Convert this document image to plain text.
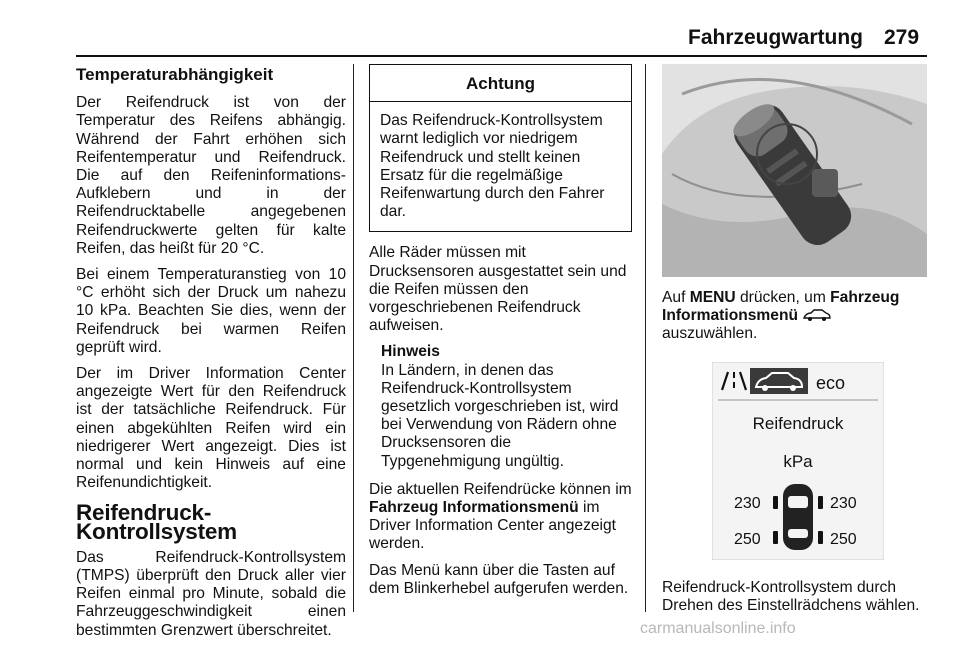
Fahrzeugwartung 279
Temperaturabhängigkeit

Der Reifendruck ist von der Temperatur des Reifens abhängig. Während der Fahrt erhöhen sich Reifentemperatur und Reifendruck. Die auf den Reifeninformations-Aufklebern und in der Reifendrucktabelle angegebenen Reifendruckwerte gelten für kalte Reifen, das heißt für 20 °C.

Bei einem Temperaturanstieg von 10 °C erhöht sich der Druck um nahezu 10 kPa. Beachten Sie dies, wenn der Reifendruck bei warmen Reifen geprüft wird.

Der im Driver Information Center angezeigte Wert für den Reifendruck ist der tatsächliche Reifendruck. Für einen abgekühlten Reifen wird ein niedrigerer Wert angezeigt. Dies ist normal und kein Hinweis auf eine Reifenundichtigkeit.

Reifendruck-Kontrollsystem

Das Reifendruck-Kontrollsystem (TMPS) überprüft den Druck aller vier Reifen einmal pro Minute, sobald die Fahrzeuggeschwindigkeit einen bestimmten Grenzwert überschreitet.

Achtung
Das Reifendruck-Kontrollsystem warnt lediglich vor niedrigem Reifendruck und stellt keinen Ersatz für die regelmäßige Reifenwartung durch den Fahrer dar.

Alle Räder müssen mit Drucksensoren ausgestattet sein und die Reifen müssen den vorgeschriebenen Reifendruck aufweisen.

Hinweis
In Ländern, in denen das Reifendruck-Kontrollsystem gesetzlich vorgeschrieben ist, wird bei Verwendung von Rädern ohne Drucksensoren die Typgenehmigung ungültig.

Die aktuellen Reifendrücke können im Fahrzeug Informationsmenü im Driver Information Center angezeigt werden.

Das Menü kann über die Tasten auf dem Blinkerhebel aufgerufen werden.

Auf MENU drücken, um Fahrzeug Informationsmenü  auszuwählen.

eco
Reifendruck
kPa
230	230
250	250

Reifendruck-Kontrollsystem durch Drehen des Einstellrädchens wählen.

carmanualsonline.info
